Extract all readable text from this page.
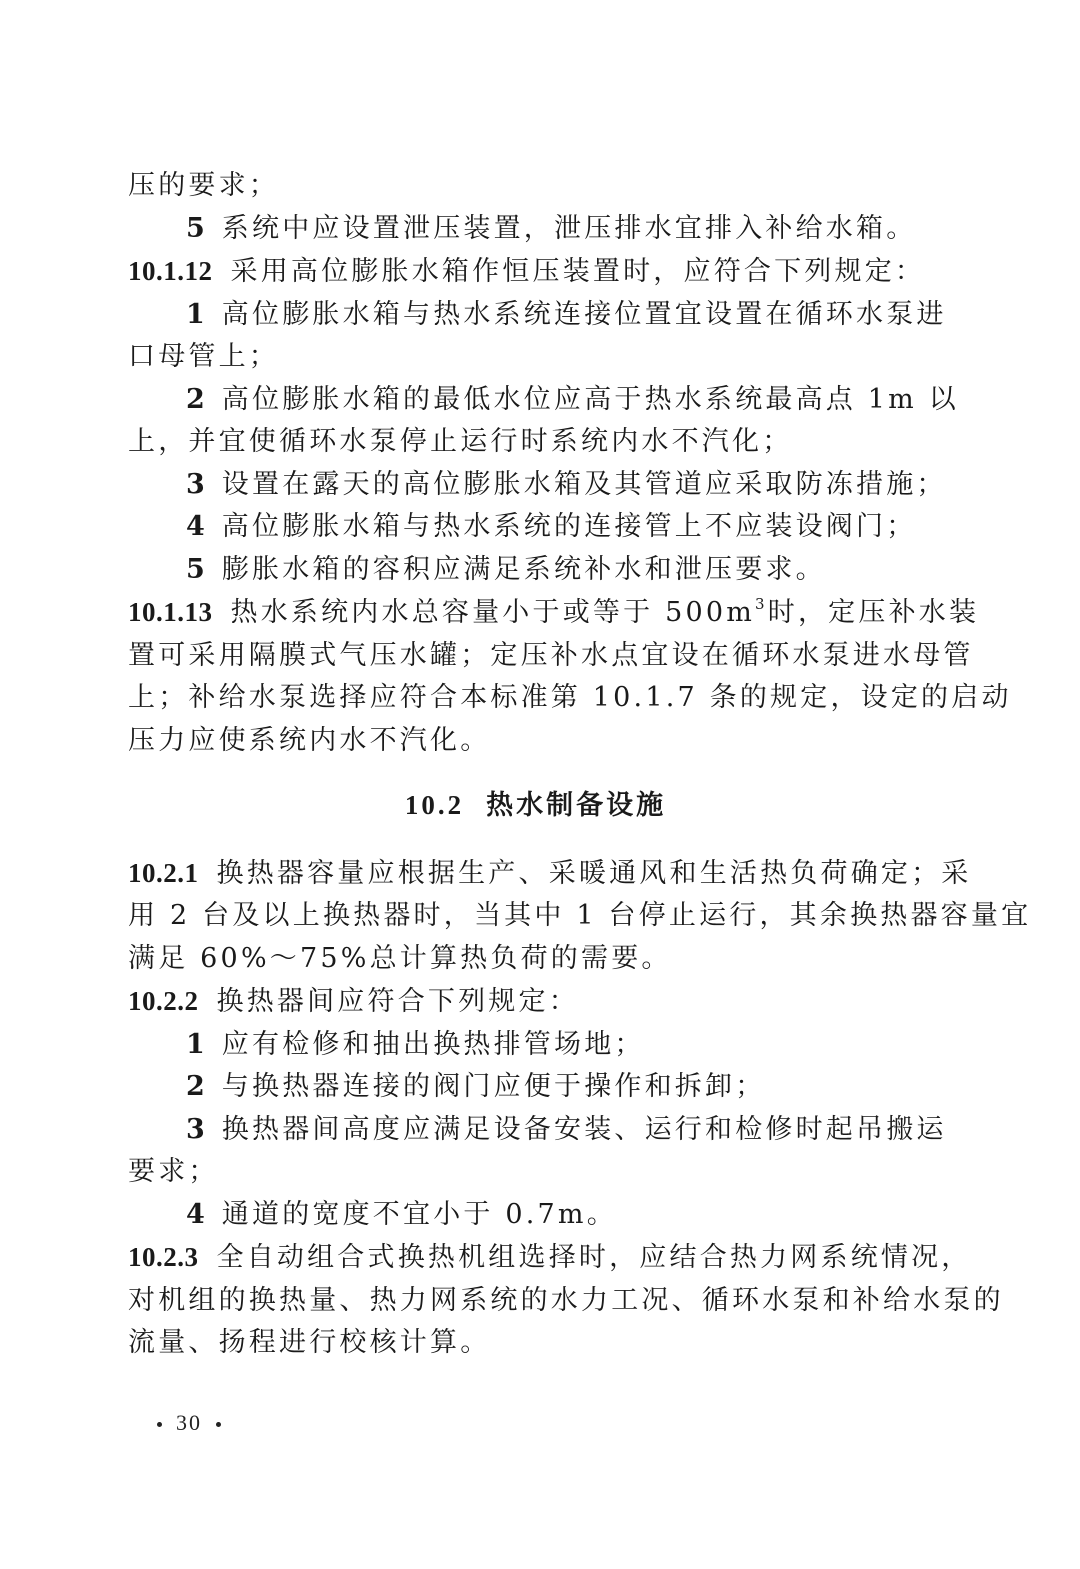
压的要求；
5 系统中应设置泄压装置，泄压排水宜排入补给水箱。
10.1.12 采用高位膨胀水箱作恒压装置时，应符合下列规定：
1 高位膨胀水箱与热水系统连接位置宜设置在循环水泵进
口母管上；
2 高位膨胀水箱的最低水位应高于热水系统最高点 1m 以
上，并宜使循环水泵停止运行时系统内水不汽化；
3 设置在露天的高位膨胀水箱及其管道应采取防冻措施；
4 高位膨胀水箱与热水系统的连接管上不应装设阀门；
5 膨胀水箱的容积应满足系统补水和泄压要求。
10.1.13 热水系统内水总容量小于或等于 $500m^3$时，定压补水装
置可采用隔膜式气压水罐；定压补水点宜设在循环水泵进水母管
上；补给水泵选择应符合本标准第 10.1.7 条的规定，设定的启动
压力应使系统内水不汽化。
10.2 热水制备设施
10.2.1 换热器容量应根据生产、采暖通风和生活热负荷确定；采
用 2 台及以上换热器时，当其中 1 台停止运行，其余换热器容量宜
满足 60%～75%总计算热负荷的需要。
10.2.2 换热器间应符合下列规定：
1 应有检修和抽出换热排管场地；
2 与换热器连接的阀门应便于操作和拆卸；
3 换热器间高度应满足设备安装、运行和检修时起吊搬运
要求；
4 通道的宽度不宜小于 0.7m。
10.2.3 全自动组合式换热机组选择时，应结合热力网系统情况，
对机组的换热量、热力网系统的水力工况、循环水泵和补给水泵的
流量、扬程进行校核计算。
30
